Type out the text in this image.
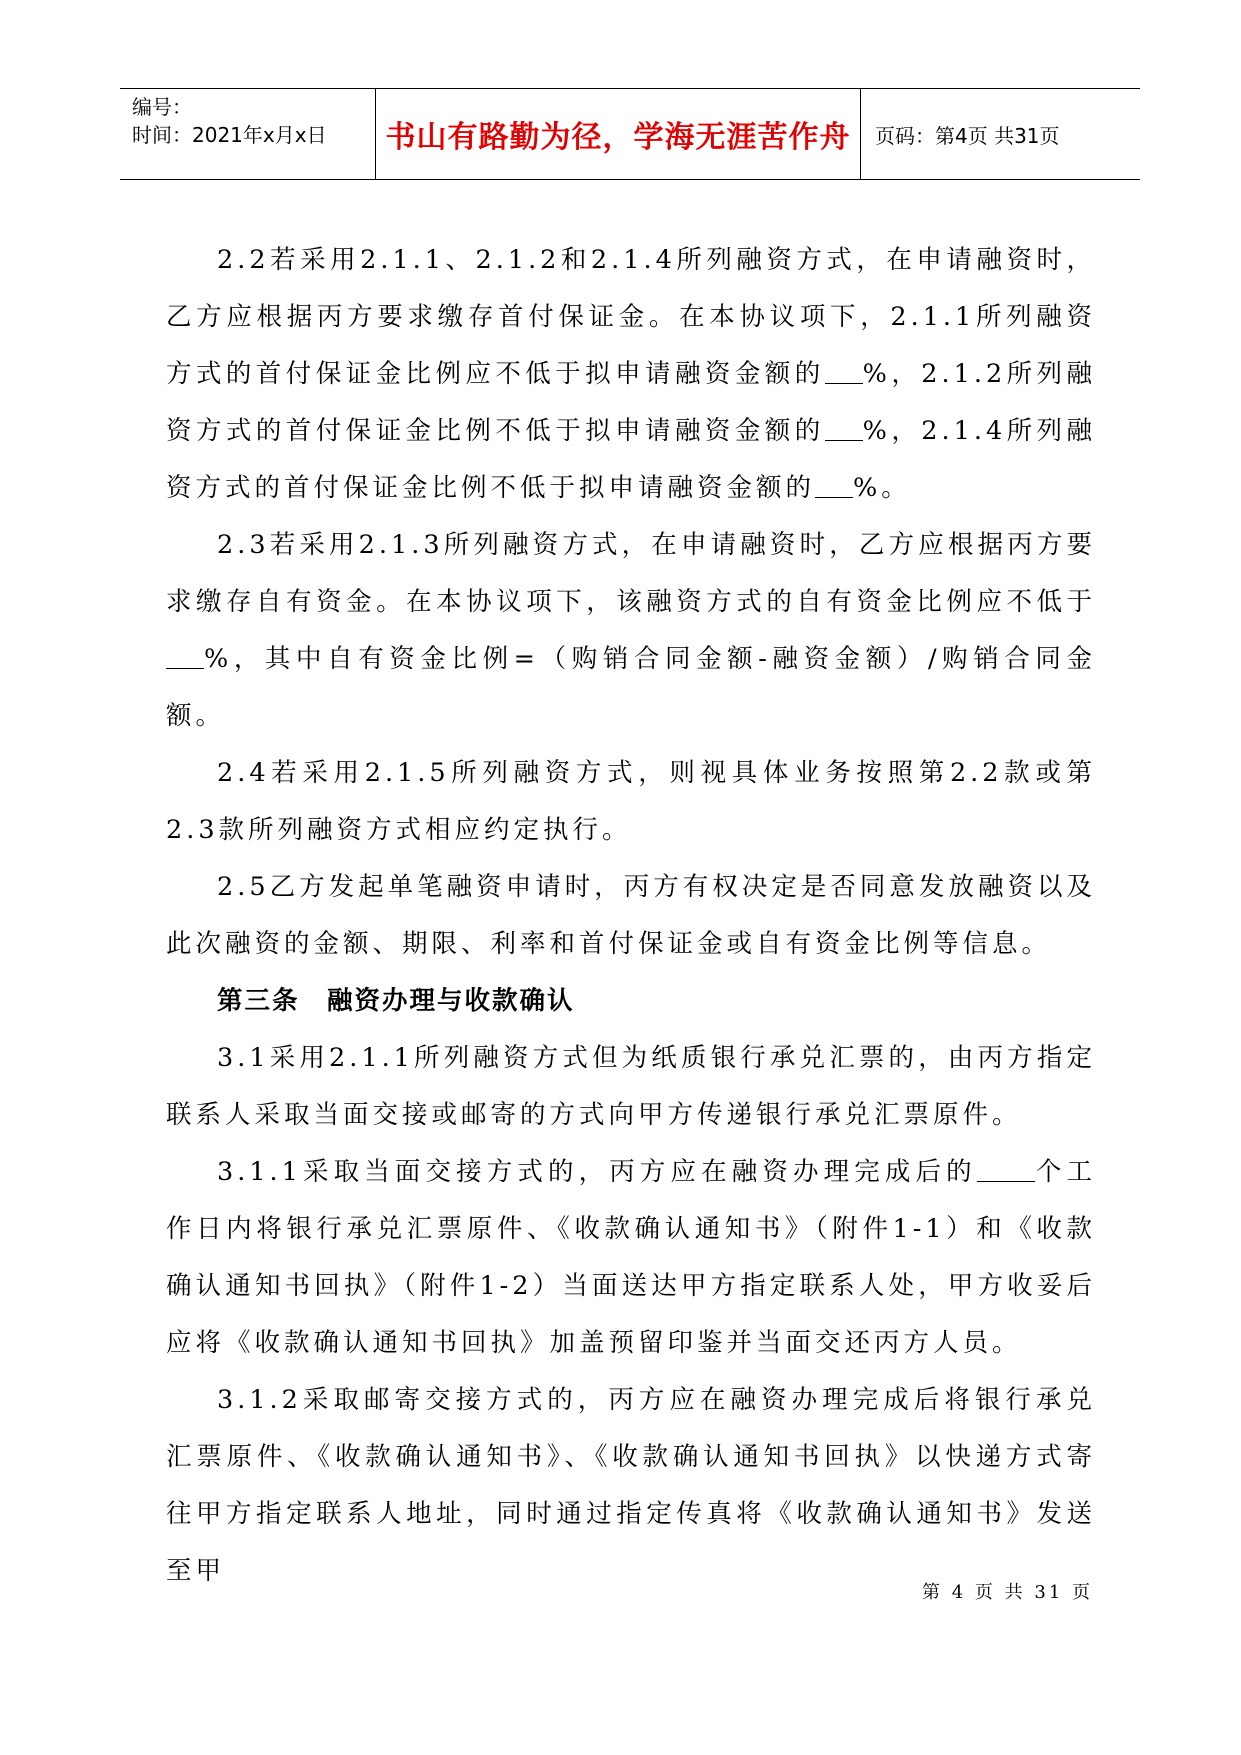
编号：
时间：2021年x月x日	书山有路勤为径，学海无涯苦作舟	页码：第4页 共31页

2.2若采用2.1.1、2.1.2和2.1.4所列融资方式，在申请融资时，乙方应根据丙方要求缴存首付保证金。在本协议项下，2.1.1所列融资方式的首付保证金比例应不低于拟申请融资金额的 %，2.1.2所列融资方式的首付保证金比例不低于拟申请融资金额的 %，2.1.4所列融资方式的首付保证金比例不低于拟申请融资金额的 %。

2.3若采用2.1.3所列融资方式，在申请融资时，乙方应根据丙方要求缴存自有资金。在本协议项下，该融资方式的自有资金比例应不低于%，其中自有资金比例=（购销合同金额-融资金额）/购销合同金额。

2.4若采用2.1.5所列融资方式，则视具体业务按照第2.2款或第2.3款所列融资方式相应约定执行。

2.5乙方发起单笔融资申请时，丙方有权决定是否同意发放融资以及此次融资的金额、期限、利率和首付保证金或自有资金比例等信息。

第三条　融资办理与收款确认

3.1采用2.1.1所列融资方式但为纸质银行承兑汇票的，由丙方指定联系人采取当面交接或邮寄的方式向甲方传递银行承兑汇票原件。

3.1.1采取当面交接方式的，丙方应在融资办理完成后的 个工作日内将银行承兑汇票原件、《收款确认通知书》（附件1-1）和《收款确认通知书回执》（附件1-2）当面送达甲方指定联系人处，甲方收妥后应将《收款确认通知书回执》加盖预留印鉴并当面交还丙方人员。

3.1.2采取邮寄交接方式的，丙方应在融资办理完成后将银行承兑汇票原件、《收款确认通知书》、《收款确认通知书回执》以快递方式寄往甲方指定联系人地址，同时通过指定传真将《收款确认通知书》发送至甲

第 4 页 共 31 页
